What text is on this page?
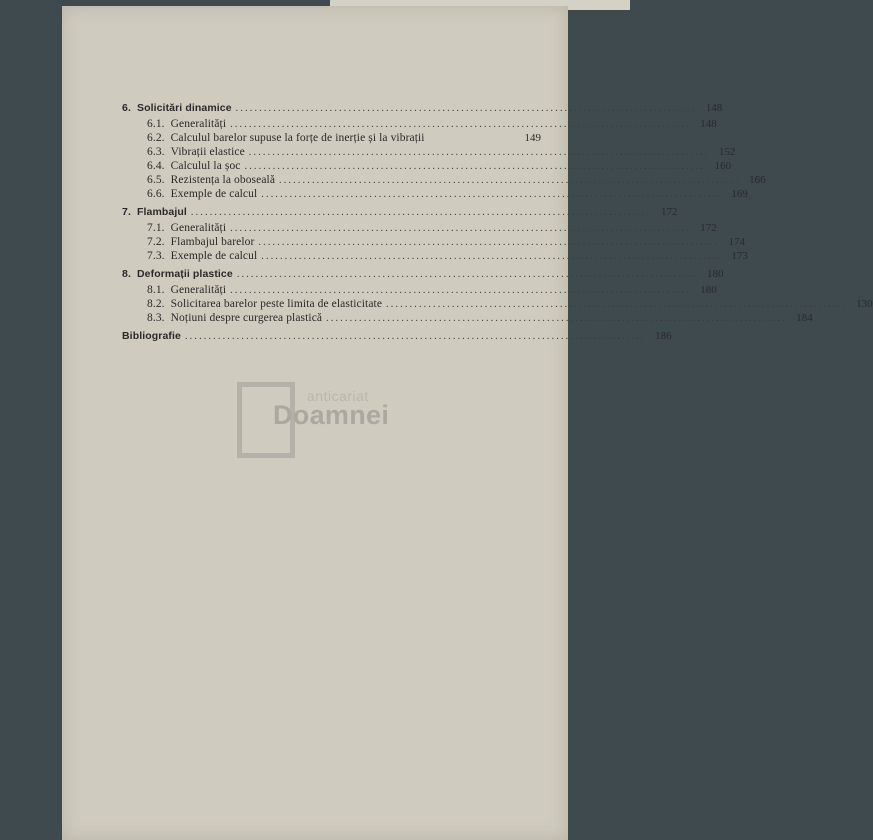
6. Solicitări dinamice .................................................................................................. 148
6.1. Generalități .................................................................................................. 148
6.2. Calculul barelor supuse la forțe de inerție și la vibrații	149
6.3. Vibrații elastice .................................................................................................. 152
6.4. Calculul la șoc .................................................................................................. 160
6.5. Rezistența la oboseală .................................................................................................. 166
6.6. Exemple de calcul .................................................................................................. 169
7. Flambajul .................................................................................................. 172
7.1. Generalități .................................................................................................. 172
7.2. Flambajul barelor .................................................................................................. 174
7.3. Exemple de calcul .................................................................................................. 173
8. Deformații plastice .................................................................................................. 180
8.1. Generalități .................................................................................................. 180
8.2. Solicitarea barelor peste limita de elasticitate .................................................................................................. 130
8.3. Noțiuni despre curgerea plastică .................................................................................................. 184
Bibliografie .................................................................................................. 186
anticariat
Doamnei
